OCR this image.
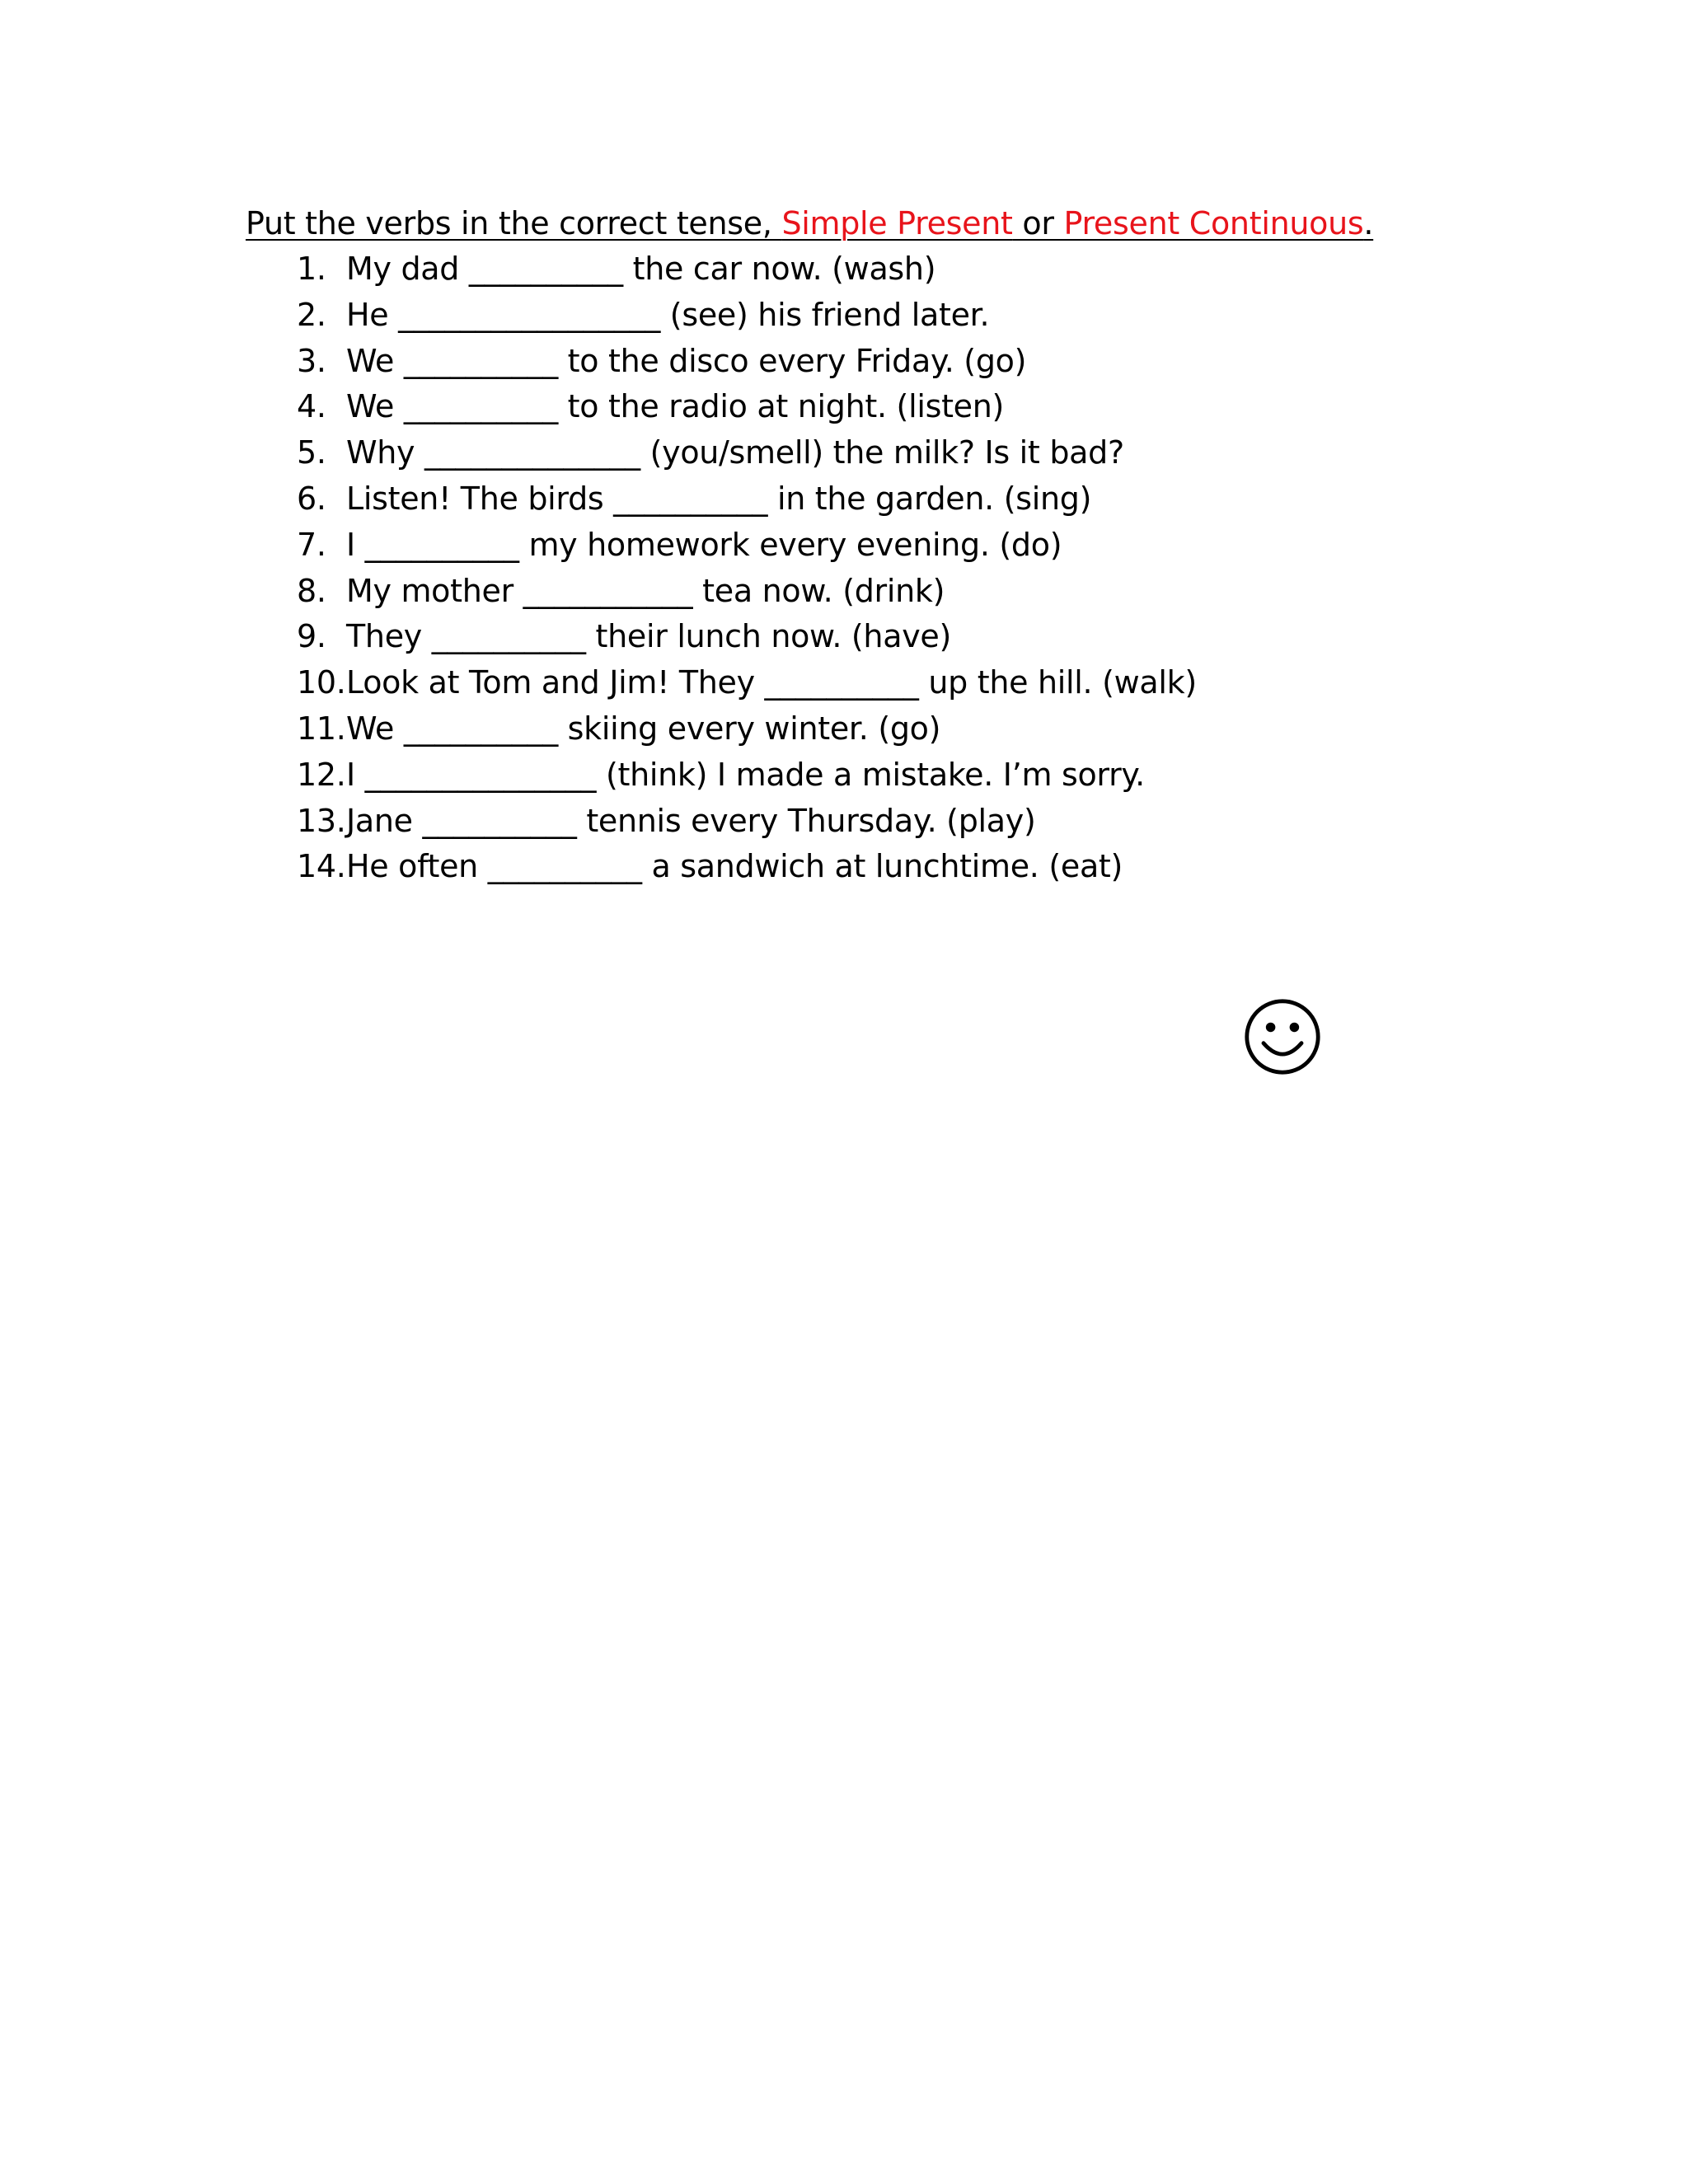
Put the verbs in the correct tense, Simple Present or Present Continuous.
1. My dad __________ the car now. (wash)
2. He _________________ (see) his friend later.
3. We __________ to the disco every Friday. (go)
4. We __________ to the radio at night. (listen)
5. Why ______________ (you/smell) the milk? Is it bad?
6. Listen! The birds __________ in the garden. (sing)
7. I __________ my homework every evening. (do)
8. My mother ___________ tea now. (drink)
9. They __________ their lunch now. (have)
10. Look at Tom and Jim! They __________ up the hill. (walk)
11. We __________ skiing every winter. (go)
12. I _______________ (think) I made a mistake. I’m sorry.
13. Jane __________ tennis every Thursday. (play)
14. He often __________ a sandwich at lunchtime. (eat)
